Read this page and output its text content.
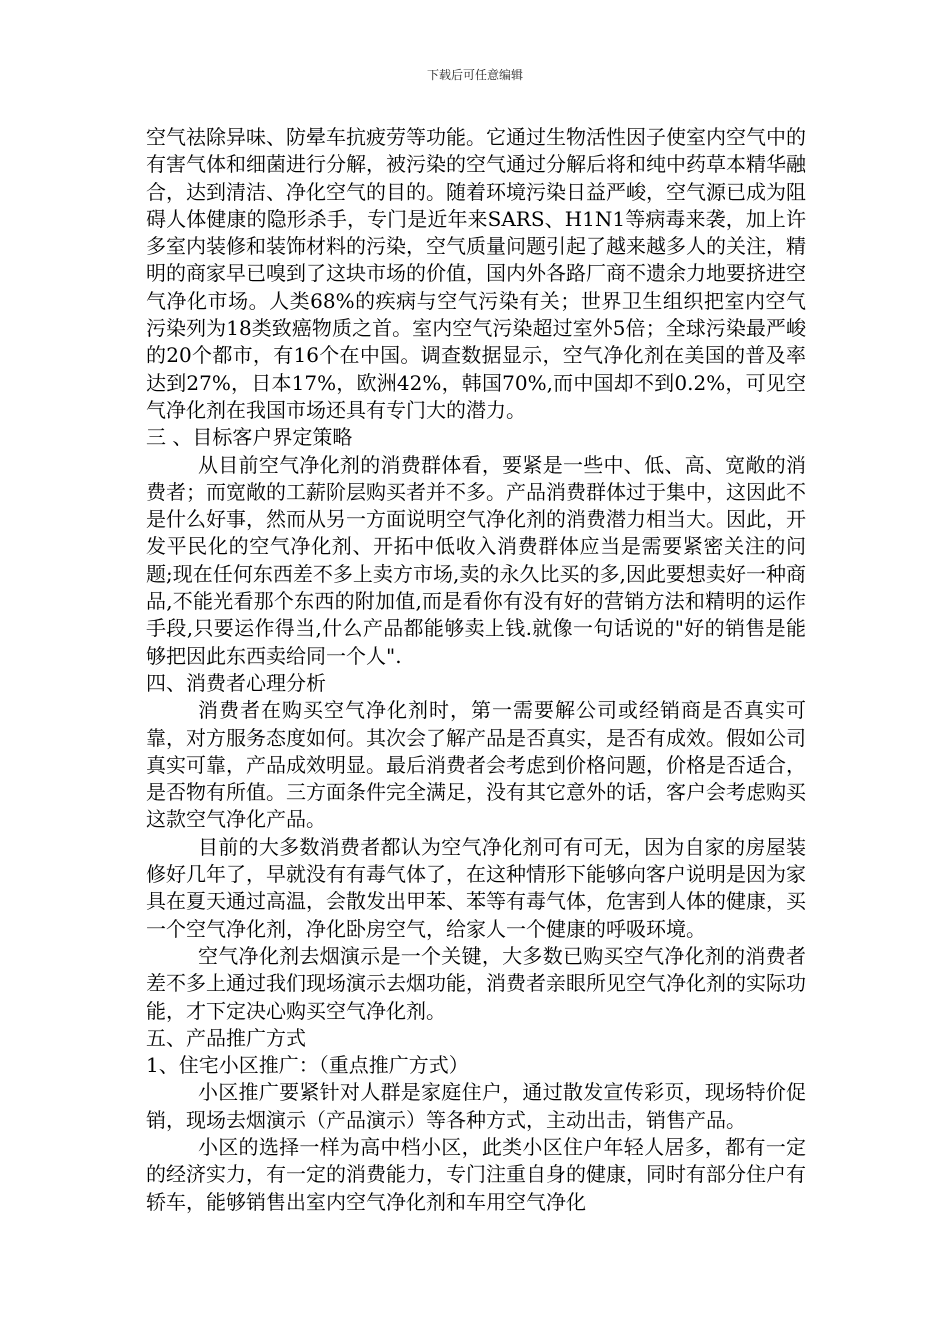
下载后可任意编辑

空气祛除异味、防晕车抗疲劳等功能。它通过生物活性因子使室内空气中的有害气体和细菌进行分解，被污染的空气通过分解后将和纯中药草本精华融合，达到清洁、净化空气的目的。随着环境污染日益严峻，空气源已成为阻碍人体健康的隐形杀手，专门是近年来SARS、H1N1等病毒来袭，加上许多室内装修和装饰材料的污染，空气质量问题引起了越来越多人的关注，精明的商家早已嗅到了这块市场的价值，国内外各路厂商不遗余力地要挤进空气净化市场。人类68%的疾病与空气污染有关；世界卫生组织把室内空气污染列为18类致癌物质之首。室内空气污染超过室外5倍；全球污染最严峻的20个都市，有16个在中国。调查数据显示，空气净化剂在美国的普及率达到27%，日本17%，欧洲42%，韩国70%,而中国却不到0.2%，可见空气净化剂在我国市场还具有专门大的潜力。

三 、目标客户界定策略

从目前空气净化剂的消费群体看，要紧是一些中、低、高、宽敞的消费者；而宽敞的工薪阶层购买者并不多。产品消费群体过于集中，这因此不是什么好事，然而从另一方面说明空气净化剂的消费潜力相当大。因此，开发平民化的空气净化剂、开拓中低收入消费群体应当是需要紧密关注的问题;现在任何东西差不多上卖方市场,卖的永久比买的多,因此要想卖好一种商品,不能光看那个东西的附加值,而是看你有没有好的营销方法和精明的运作手段,只要运作得当,什么产品都能够卖上钱.就像一句话说的"好的销售是能够把因此东西卖给同一个人".

四、消费者心理分析

消费者在购买空气净化剂时，第一需要解公司或经销商是否真实可靠，对方服务态度如何。其次会了解产品是否真实，是否有成效。假如公司真实可靠，产品成效明显。最后消费者会考虑到价格问题，价格是否适合，是否物有所值。三方面条件完全满足，没有其它意外的话，客户会考虑购买这款空气净化产品。

目前的大多数消费者都认为空气净化剂可有可无，因为自家的房屋装修好几年了，早就没有有毒气体了，在这种情形下能够向客户说明是因为家具在夏天通过高温，会散发出甲苯、苯等有毒气体，危害到人体的健康，买一个空气净化剂，净化卧房空气，给家人一个健康的呼吸环境。

空气净化剂去烟演示是一个关键，大多数已购买空气净化剂的消费者差不多上通过我们现场演示去烟功能，消费者亲眼所见空气净化剂的实际功能，才下定决心购买空气净化剂。

五、产品推广方式

1、住宅小区推广：（重点推广方式）

小区推广要紧针对人群是家庭住户，通过散发宣传彩页，现场特价促销，现场去烟演示（产品演示）等各种方式，主动出击，销售产品。

小区的选择一样为高中档小区，此类小区住户年轻人居多，都有一定的经济实力，有一定的消费能力，专门注重自身的健康，同时有部分住户有轿车，能够销售出室内空气净化剂和车用空气净化
